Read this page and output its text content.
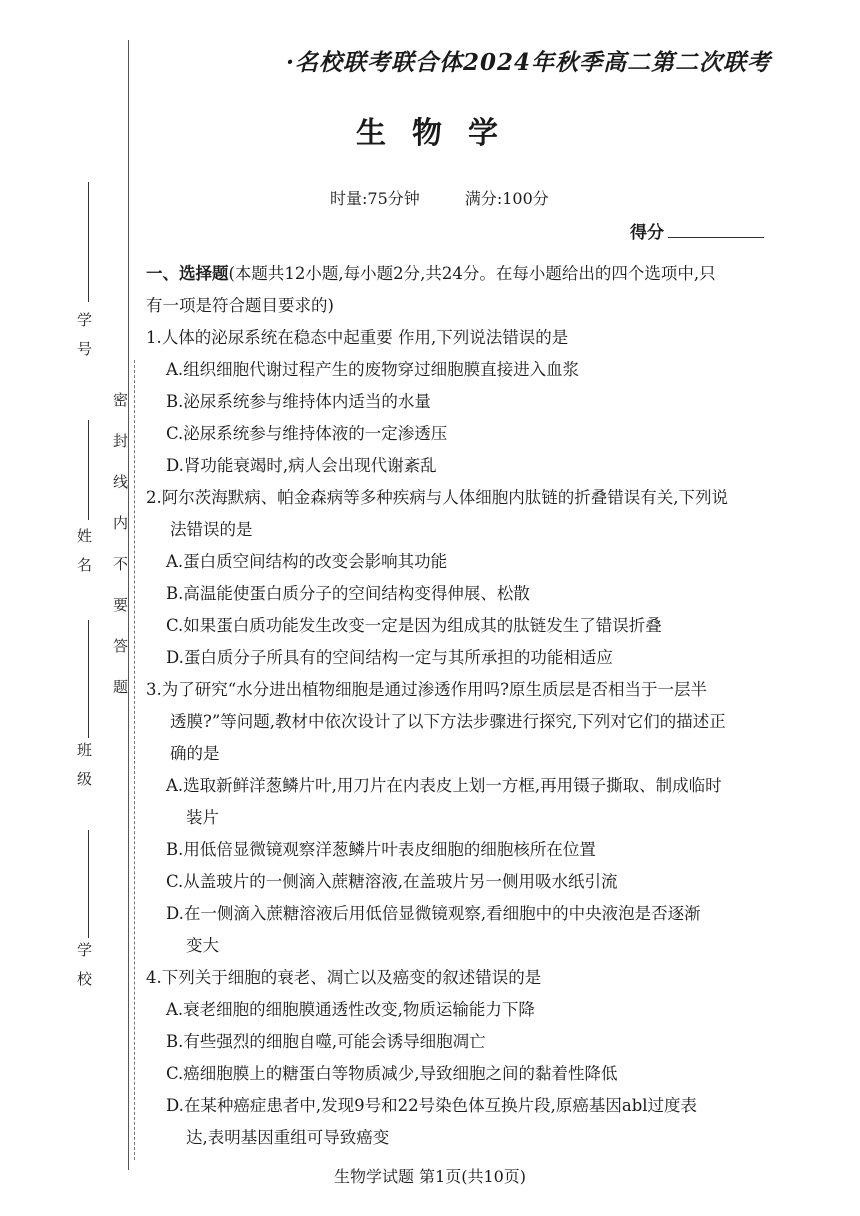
学号
姓名
班级
学校
密封线内不要答题
·名校联考联合体2024年秋季高二第二次联考
生物学
时量:75分钟	满分:100分
得分
一、选择题(本题共12小题,每小题2分,共24分。在每小题给出的四个选项中,只
有一项是符合题目要求的)
1.人体的泌尿系统在稳态中起重要 作用,下列说法错误的是
A.组织细胞代谢过程产生的废物穿过细胞膜直接进入血浆
B.泌尿系统参与维持体内适当的水量
C.泌尿系统参与维持体液的一定渗透压
D.肾功能衰竭时,病人会出现代谢紊乱
2.阿尔茨海默病、帕金森病等多种疾病与人体细胞内肽链的折叠错误有关,下列说
法错误的是
A.蛋白质空间结构的改变会影响其功能
B.高温能使蛋白质分子的空间结构变得伸展、松散
C.如果蛋白质功能发生改变一定是因为组成其的肽链发生了错误折叠
D.蛋白质分子所具有的空间结构一定与其所承担的功能相适应
3.为了研究“水分进出植物细胞是通过渗透作用吗?原生质层是否相当于一层半
透膜?”等问题,教材中依次设计了以下方法步骤进行探究,下列对它们的描述正
确的是
A.选取新鲜洋葱鳞片叶,用刀片在内表皮上划一方框,再用镊子撕取、制成临时
装片
B.用低倍显微镜观察洋葱鳞片叶表皮细胞的细胞核所在位置
C.从盖玻片的一侧滴入蔗糖溶液,在盖玻片另一侧用吸水纸引流
D.在一侧滴入蔗糖溶液后用低倍显微镜观察,看细胞中的中央液泡是否逐渐
变大
4.下列关于细胞的衰老、凋亡以及癌变的叙述错误的是
A.衰老细胞的细胞膜通透性改变,物质运输能力下降
B.有些强烈的细胞自噬,可能会诱导细胞凋亡
C.癌细胞膜上的糖蛋白等物质减少,导致细胞之间的黏着性降低
D.在某种癌症患者中,发现9号和22号染色体互换片段,原癌基因abl过度表
达,表明基因重组可导致癌变
生物学试题 第1页(共10页)
